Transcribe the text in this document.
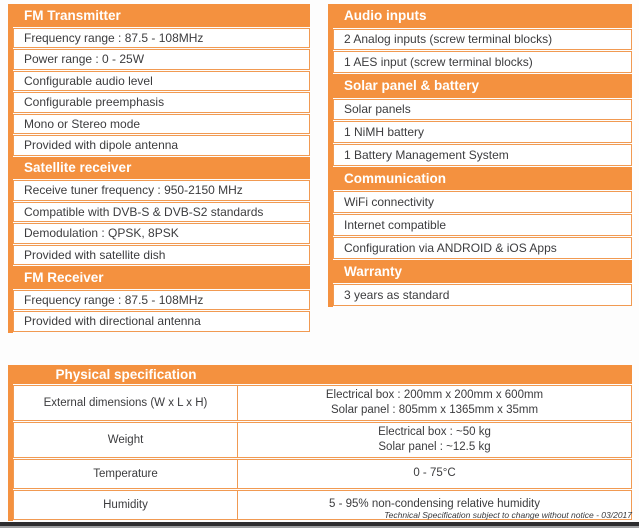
FM Transmitter
Frequency range : 87.5 - 108MHz
Power range : 0 - 25W
Configurable audio level
Configurable preemphasis
Mono or Stereo mode
Provided with dipole antenna
Satellite receiver
Receive tuner frequency : 950-2150 MHz
Compatible with DVB-S & DVB-S2 standards
Demodulation : QPSK, 8PSK
Provided with satellite dish
FM Receiver
Frequency range : 87.5 - 108MHz
Provided with directional antenna
Audio inputs
2 Analog inputs (screw terminal blocks)
1 AES input (screw terminal blocks)
Solar panel & battery
Solar panels
1 NiMH battery
1 Battery Management System
Communication
WiFi connectivity
Internet compatible
Configuration via ANDROID & iOS Apps
Warranty
3 years as standard
Physical specification
External dimensions (W x L x H)
Electrical box : 200mm x 200mm x 600mm
Solar panel : 805mm x 1365mm x 35mm
Weight
Electrical box : ~50 kg
Solar panel : ~12.5 kg
Temperature	0 - 75°C
Humidity	5 - 95% non-condensing relative humidity
Technical Specification subject to change without notice - 03/2017
